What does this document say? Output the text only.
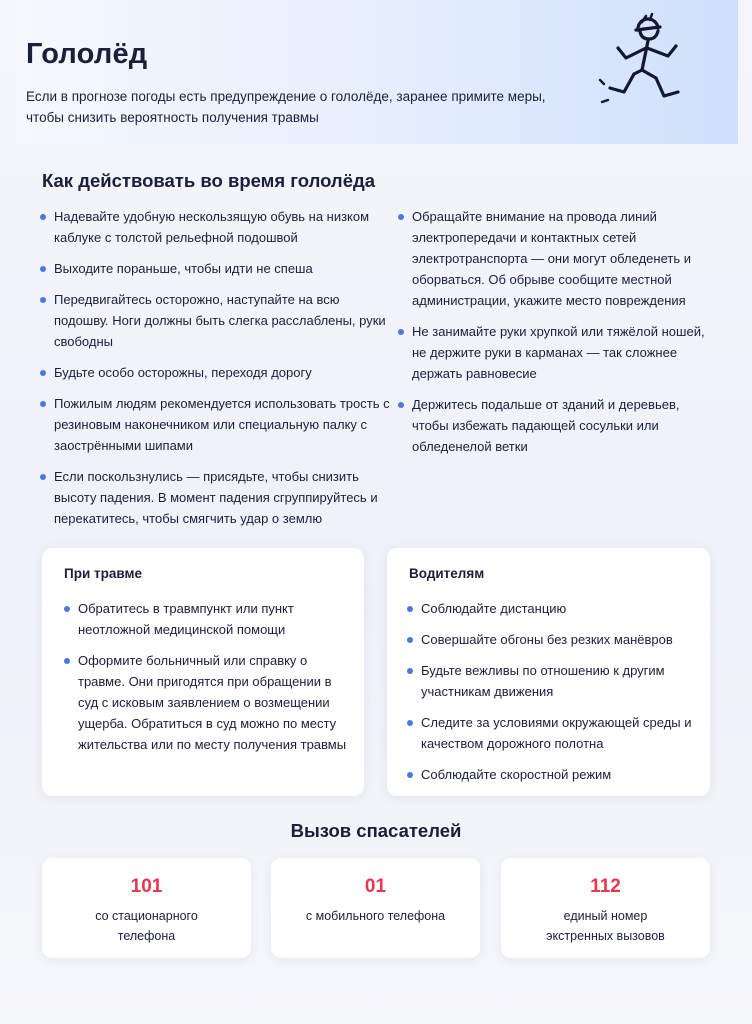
Гололёд

Если в прогнозе погоды есть предупреждение о гололёде, заранее примите меры, чтобы снизить вероятность получения травмы

Как действовать во время гололёда
Надевайте удобную нескользящую обувь на низком каблуке с толстой рельефной подошвой
Выходите пораньше, чтобы идти не спеша
Передвигайтесь осторожно, наступайте на всю подошву. Ноги должны быть слегка расслаблены, руки свободны
Будьте особо осторожны, переходя дорогу
Пожилым людям рекомендуется использовать трость с резиновым наконечником или специальную палку с заострёнными шипами
Если поскользнулись — присядьте, чтобы снизить высоту падения. В момент падения сгруппируйтесь и перекатитесь, чтобы смягчить удар о землю
Обращайте внимание на провода линий электропередачи и контактных сетей электротранспорта — они могут обледенеть и оборваться. Об обрыве сообщите местной администрации, укажите место повреждения
Не занимайте руки хрупкой или тяжёлой ношей, не держите руки в карманах — так сложнее держать равновесие
Держитесь подальше от зданий и деревьев, чтобы избежать падающей сосульки или обледенелой ветки
При травме
Обратитесь в травмпункт или пункт неотложной медицинской помощи
Оформите больничный или справку о травме. Они пригодятся при обращении в суд с исковым заявлением о возмещении ущерба. Обратиться в суд можно по месту жительства или по месту получения травмы
Водителям
Соблюдайте дистанцию
Совершайте обгоны без резких манёвров
Будьте вежливы по отношению к другим участникам движения
Следите за условиями окружающей среды и качеством дорожного полотна
Соблюдайте скоростной режим
Вызов спасателей
101
со стационарного телефона
01
с мобильного телефона
112
единый номер экстренных вызовов
